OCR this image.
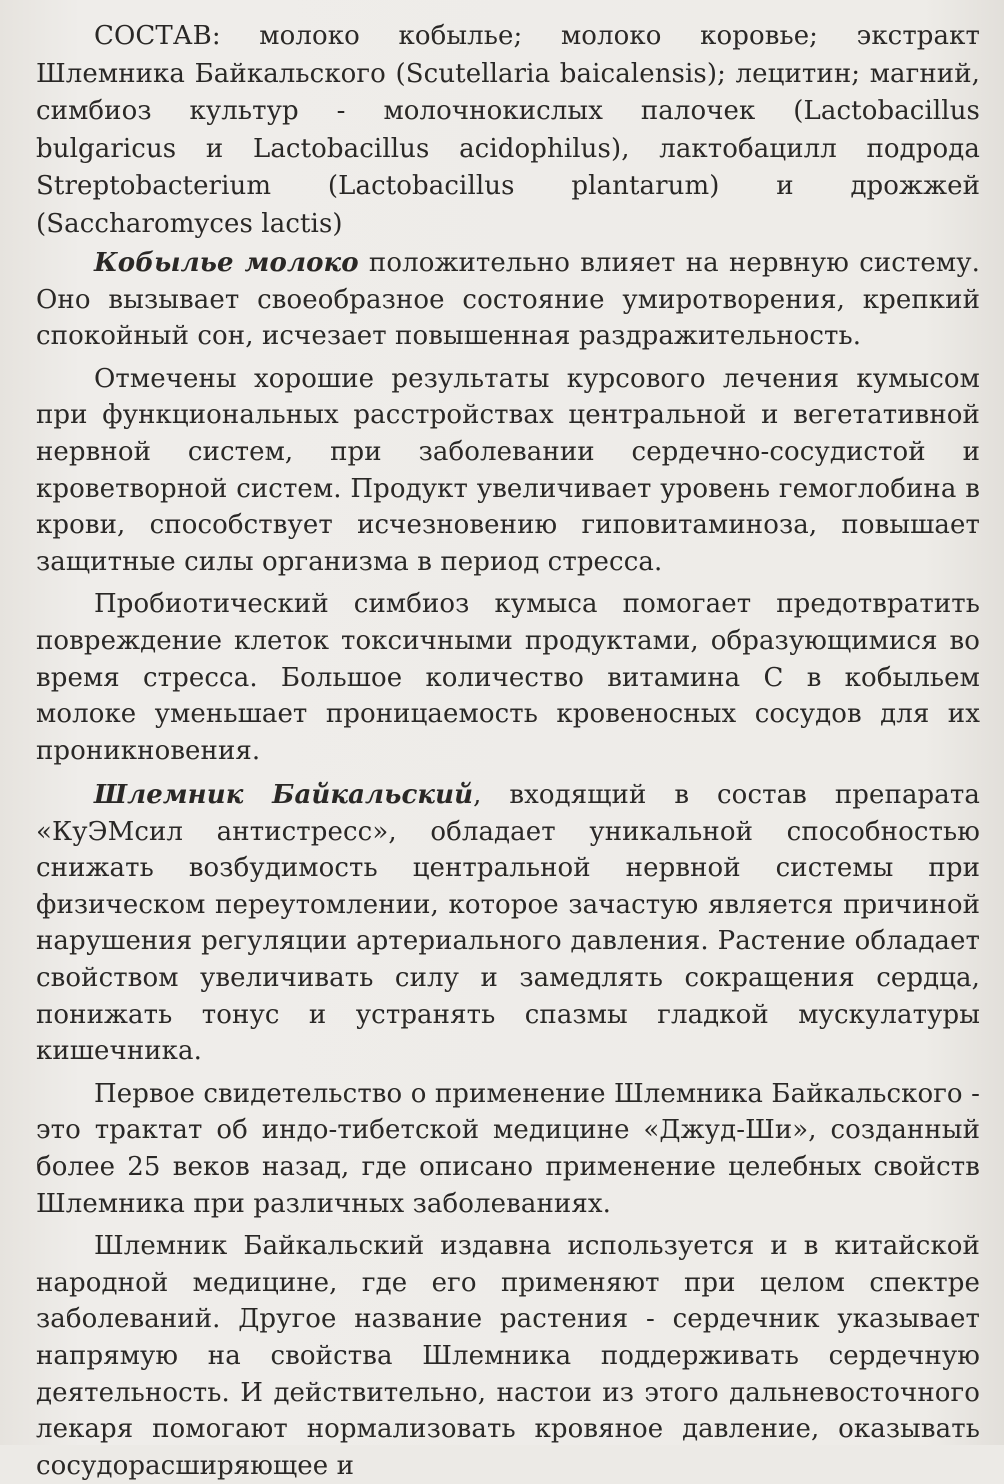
СОСТАВ: молоко кобылье; молоко коровье; экстракт Шлемника Байкальского (Scutellaria baicalensis); лецитин; магний, симбиоз культур - молочнокислых палочек (Lactobacillus bulgaricus и Lactobacillus acidophilus), лактобацилл подрода Streptobacterium (Lactobacillus plantarum) и дрожжей (Saccharomyces lactis)

Кобылье молоко положительно влияет на нервную систему. Оно вызывает своеобразное состояние умиротворения, крепкий спокойный сон, исчезает повышенная раздражительность.

Отмечены хорошие результаты курсового лечения кумысом при функциональных расстройствах центральной и вегетативной нервной систем, при заболевании сердечно-сосудистой и кроветворной систем. Продукт увеличивает уровень гемоглобина в крови, способствует исчезновению гиповитаминоза, повышает защитные силы организма в период стресса.

Пробиотический симбиоз кумыса помогает предотвратить повреждение клеток токсичными продуктами, образующимися во время стресса. Большое количество витамина С в кобыльем молоке уменьшает проницаемость кровеносных сосудов для их проникновения.

Шлемник Байкальский, входящий в состав препарата «КуЭМсил антистресс», обладает уникальной способностью снижать возбудимость центральной нервной системы при физическом переутомлении, которое зачастую является причиной нарушения регуляции артериального давления. Растение обладает свойством увеличивать силу и замедлять сокращения сердца, понижать тонус и устранять спазмы гладкой мускулатуры кишечника.

Первое свидетельство о применение Шлемника Байкальского - это трактат об индо-тибетской медицине «Джуд-Ши», созданный более 25 веков назад, где описано применение целебных свойств Шлемника при различных заболеваниях.

Шлемник Байкальский издавна используется и в китайской народной медицине, где его применяют при целом спектре заболеваний. Другое название растения - сердечник указывает напрямую на свойства Шлемника поддерживать сердечную деятельность. И действительно, настои из этого дальневосточного лекаря помогают нормализовать кровяное давление, оказывать сосудорасширяющее и
